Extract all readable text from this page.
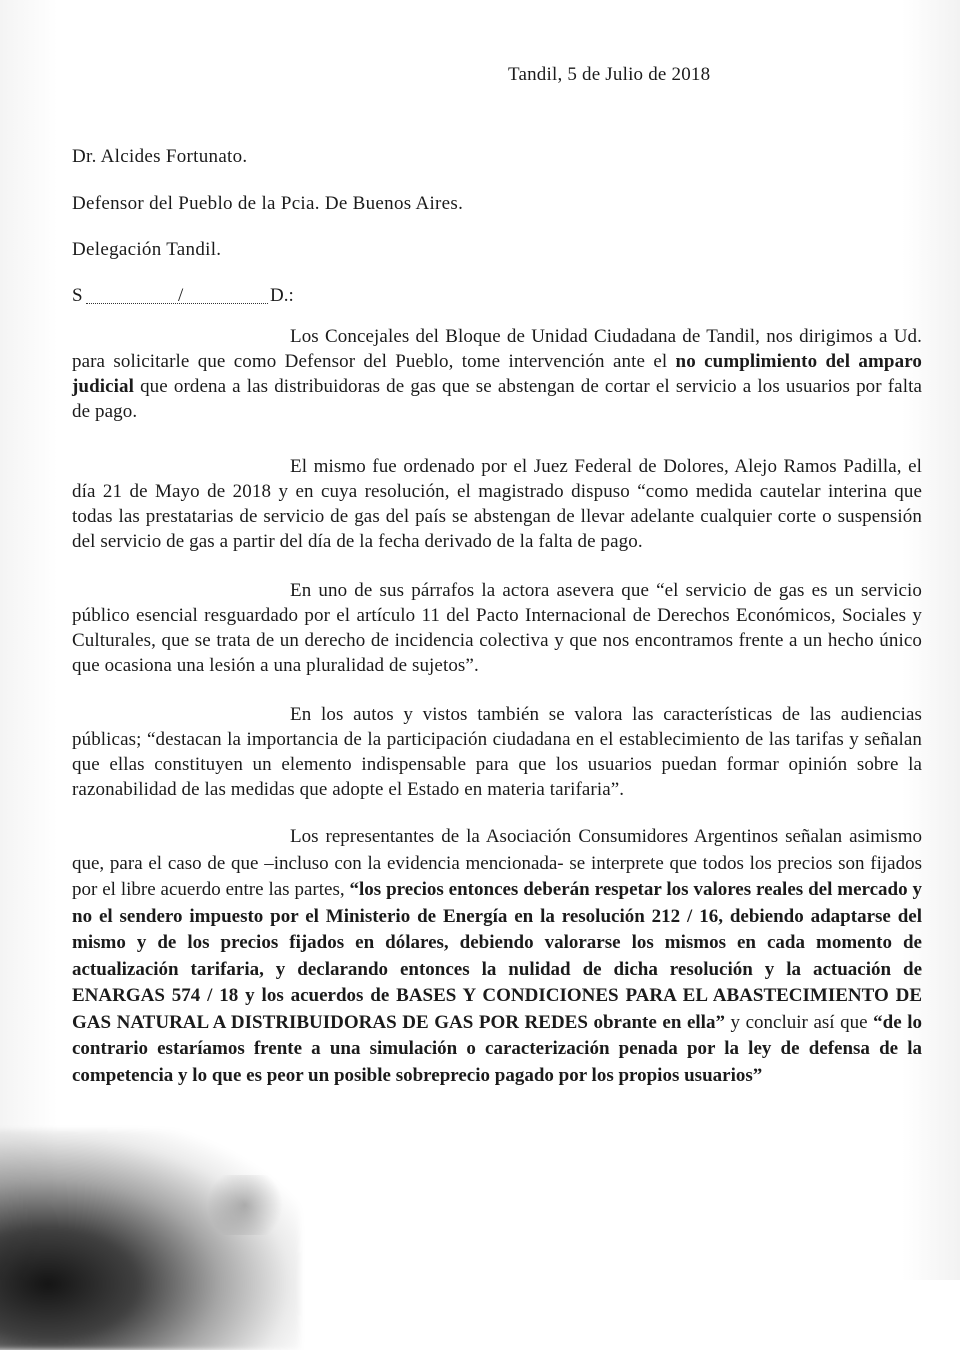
Tandil, 5 de Julio de 2018
Dr. Alcides Fortunato.
Defensor del Pueblo de la Pcia. De Buenos Aires.
Delegación Tandil.
S	/	D.:
Los Concejales del Bloque de Unidad Ciudadana de Tandil, nos dirigimos a Ud. para solicitarle que como Defensor del Pueblo, tome intervención ante el no cumplimiento del amparo judicial que ordena a las distribuidoras de gas que se abstengan de cortar el servicio a los usuarios por falta de pago.
El mismo fue ordenado por el Juez Federal de Dolores, Alejo Ramos Padilla, el día 21 de Mayo de 2018 y en cuya resolución, el magistrado dispuso “como medida cautelar interina que todas las prestatarias de servicio de gas del país se abstengan de llevar adelante cualquier corte o suspensión del servicio de gas a partir del día de la fecha derivado de la falta de pago.
En uno de sus párrafos la actora asevera que “el servicio de gas es un servicio público esencial resguardado por el artículo 11 del Pacto Internacional de Derechos Económicos, Sociales y Culturales, que se trata de un derecho de incidencia colectiva y que nos encontramos frente a un hecho único que ocasiona una lesión a una pluralidad de sujetos”.
En los autos y vistos también se valora las características de las audiencias públicas; “destacan la importancia de la participación ciudadana en el establecimiento de las tarifas y señalan que ellas constituyen un elemento indispensable para que los usuarios puedan formar opinión sobre la razonabilidad de las medidas que adopte el Estado en materia tarifaria”.
Los representantes de la Asociación Consumidores Argentinos señalan asimismo que, para el caso de que –incluso con la evidencia mencionada- se interprete que todos los precios son fijados por el libre acuerdo entre las partes, “los precios entonces deberán respetar los valores reales del mercado y no el sendero impuesto por el Ministerio de Energía en la resolución 212 / 16, debiendo adaptarse del mismo y de los precios fijados en dólares, debiendo valorarse los mismos en cada momento de actualización tarifaria, y declarando entonces la nulidad de dicha resolución y la actuación de ENARGAS 574 / 18 y los acuerdos de BASES Y CONDICIONES PARA EL ABASTECIMIENTO DE GAS NATURAL A DISTRIBUIDORAS DE GAS POR REDES obrante en ella” y concluir así que “de lo contrario estaríamos frente a una simulación o caracterización penada por la ley de defensa de la competencia y lo que es peor un posible sobreprecio pagado por los propios usuarios”
